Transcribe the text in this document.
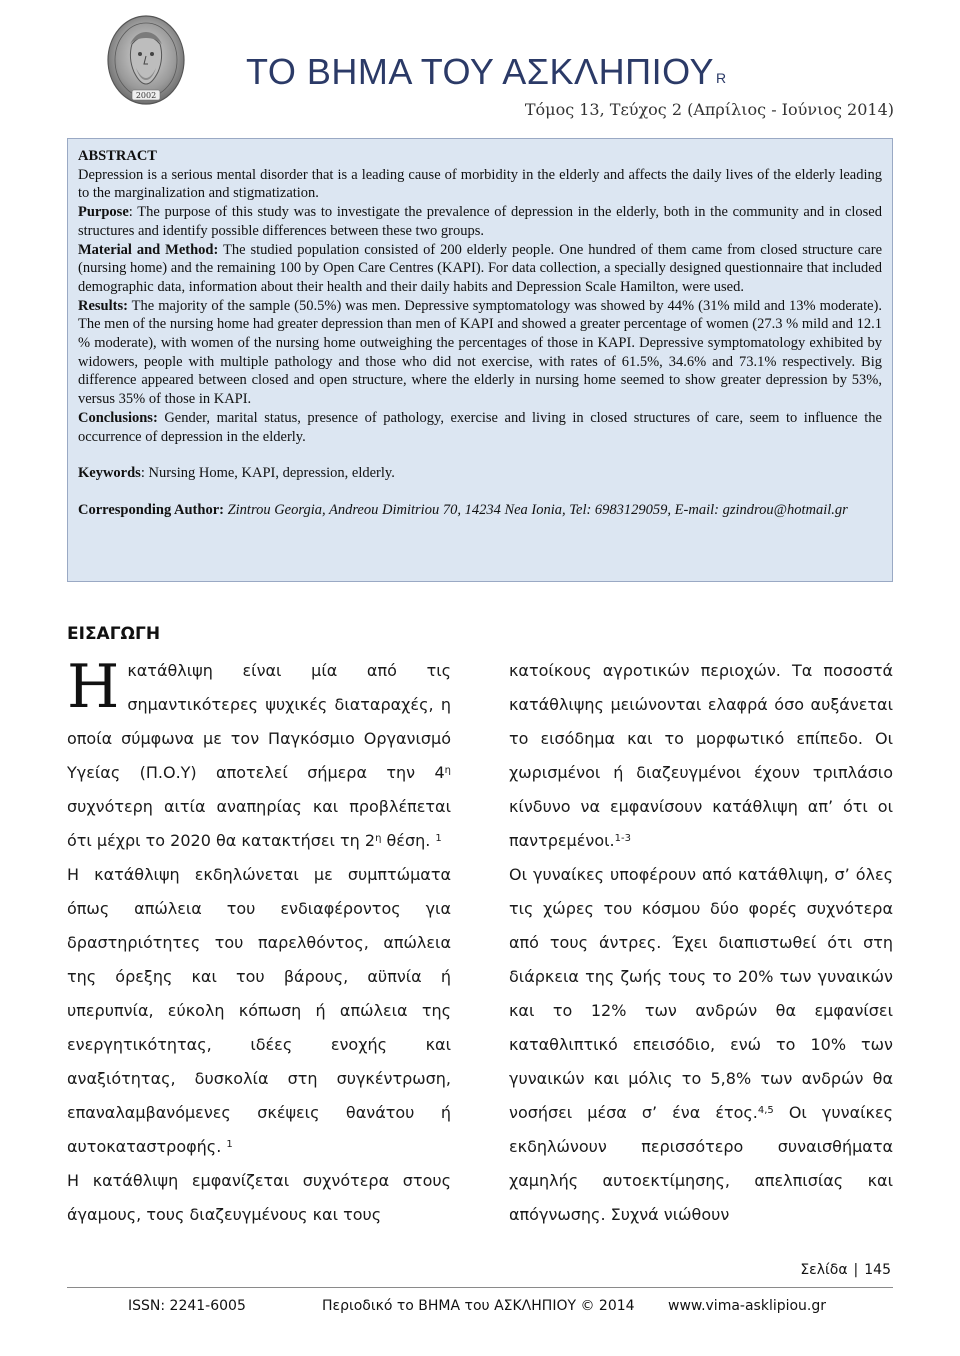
2002
ΤΟ ΒΗΜΑ ΤΟΥ ΑΣΚΛΗΠΙΟΥ $^R$
Τόμος 13, Τεύχος 2 (Απρίλιος - Ιούνιος 2014)

ABSTRACT

Depression is a serious mental disorder that is a leading cause of morbidity in the elderly and affects the daily lives of the elderly leading to the marginalization and stigmatization.

Purpose: The purpose of this study was to investigate the prevalence of depression in the elderly, both in the community and in closed structures and identify possible differences between these two groups.

Material and Method: The studied population consisted of 200 elderly people. One hundred of them came from closed structure care (nursing home) and the remaining 100 by Open Care Centres (KAPI). For data collection, a specially designed questionnaire that included demographic data, information about their health and their daily habits and Depression Scale Hamilton, were used.

Results: The majority of the sample (50.5%) was men. Depressive symptomatology was showed by 44% (31% mild and 13% moderate). The men of the nursing home had greater depression than men of KAPI and showed a greater percentage of women (27.3 % mild and 12.1 % moderate), with women of the nursing home outweighing the percentages of those in KAPI. Depressive symptomatology exhibited by widowers, people with multiple pathology and those who did not exercise, with rates of 61.5%, 34.6% and 73.1% respectively. Big difference appeared between closed and open structure, where the elderly in nursing home seemed to show greater depression by 53%, versus 35% of those in KAPI.

Conclusions: Gender, marital status, presence of pathology, exercise and living in closed structures of care, seem to influence the occurrence of depression in the elderly.

Keywords: Nursing Home, KAPI, depression, elderly.

Corresponding Author: Zintrou Georgia, Andreou Dimitriou 70, 14234 Nea Ionia, Tel: 6983129059, E-mail: gzindrou@hotmail.gr

ΕΙΣΑΓΩΓΗ

Ηκατάθλιψη είναι μία από τις σημαντικότερες ψυχικές διαταραχές, η οποία σύμφωνα με τον Παγκόσμιο Οργανισμό Υγείας (Π.Ο.Υ) αποτελεί σήμερα την $4^\eta$ συχνότερη αιτία αναπηρίας και προβλέπεται ότι μέχρι το 2020 θα κατακτήσει τη $2^\eta$ θέση. $^1$

Η κατάθλιψη εκδηλώνεται με συμπτώματα όπως απώλεια του ενδιαφέροντος για δραστηριότητες του παρελθόντος, απώλεια της όρεξης και του βάρους, αϋπνία ή υπερυπνία, εύκολη κόπωση ή απώλεια της ενεργητικότητας, ιδέες ενοχής και αναξιότητας, δυσκολία στη συγκέντρωση, επαναλαμβανόμενες σκέψεις θανάτου ή αυτοκαταστροφής. $^1$

Η κατάθλιψη εμφανίζεται συχνότερα στους άγαμους, τους διαζευγμένους και τους

κατοίκους αγροτικών περιοχών. Τα ποσοστά κατάθλιψης μειώνονται ελαφρά όσο αυξάνεται το εισόδημα και το μορφωτικό επίπεδο. Οι χωρισμένοι ή διαζευγμένοι έχουν τριπλάσιο κίνδυνο να εμφανίσουν κατάθλιψη απ’ ότι οι παντρεμένοι.$^{1-3}$

Οι γυναίκες υποφέρουν από κατάθλιψη, σ’ όλες τις χώρες του κόσμου δύο φορές συχνότερα από τους άντρες. Έχει διαπιστωθεί ότι στη διάρκεια της ζωής τους το 20% των γυναικών και το 12% των ανδρών θα εμφανίσει καταθλιπτικό επεισόδιο, ενώ το 10% των γυναικών και μόλις το 5,8% των ανδρών θα νοσήσει μέσα σ’ ένα έτος.$^{4,5}$ Οι γυναίκες εκδηλώνουν περισσότερο συναισθήματα χαμηλής αυτοεκτίμησης, απελπισίας και απόγνωσης. Συχνά νιώθουν

Σελίδα | 145
ISSN: 2241-6005	Περιοδικό το ΒΗΜΑ του ΑΣΚΛΗΠΙΟΥ © 2014 www.vima-asklipiou.gr
